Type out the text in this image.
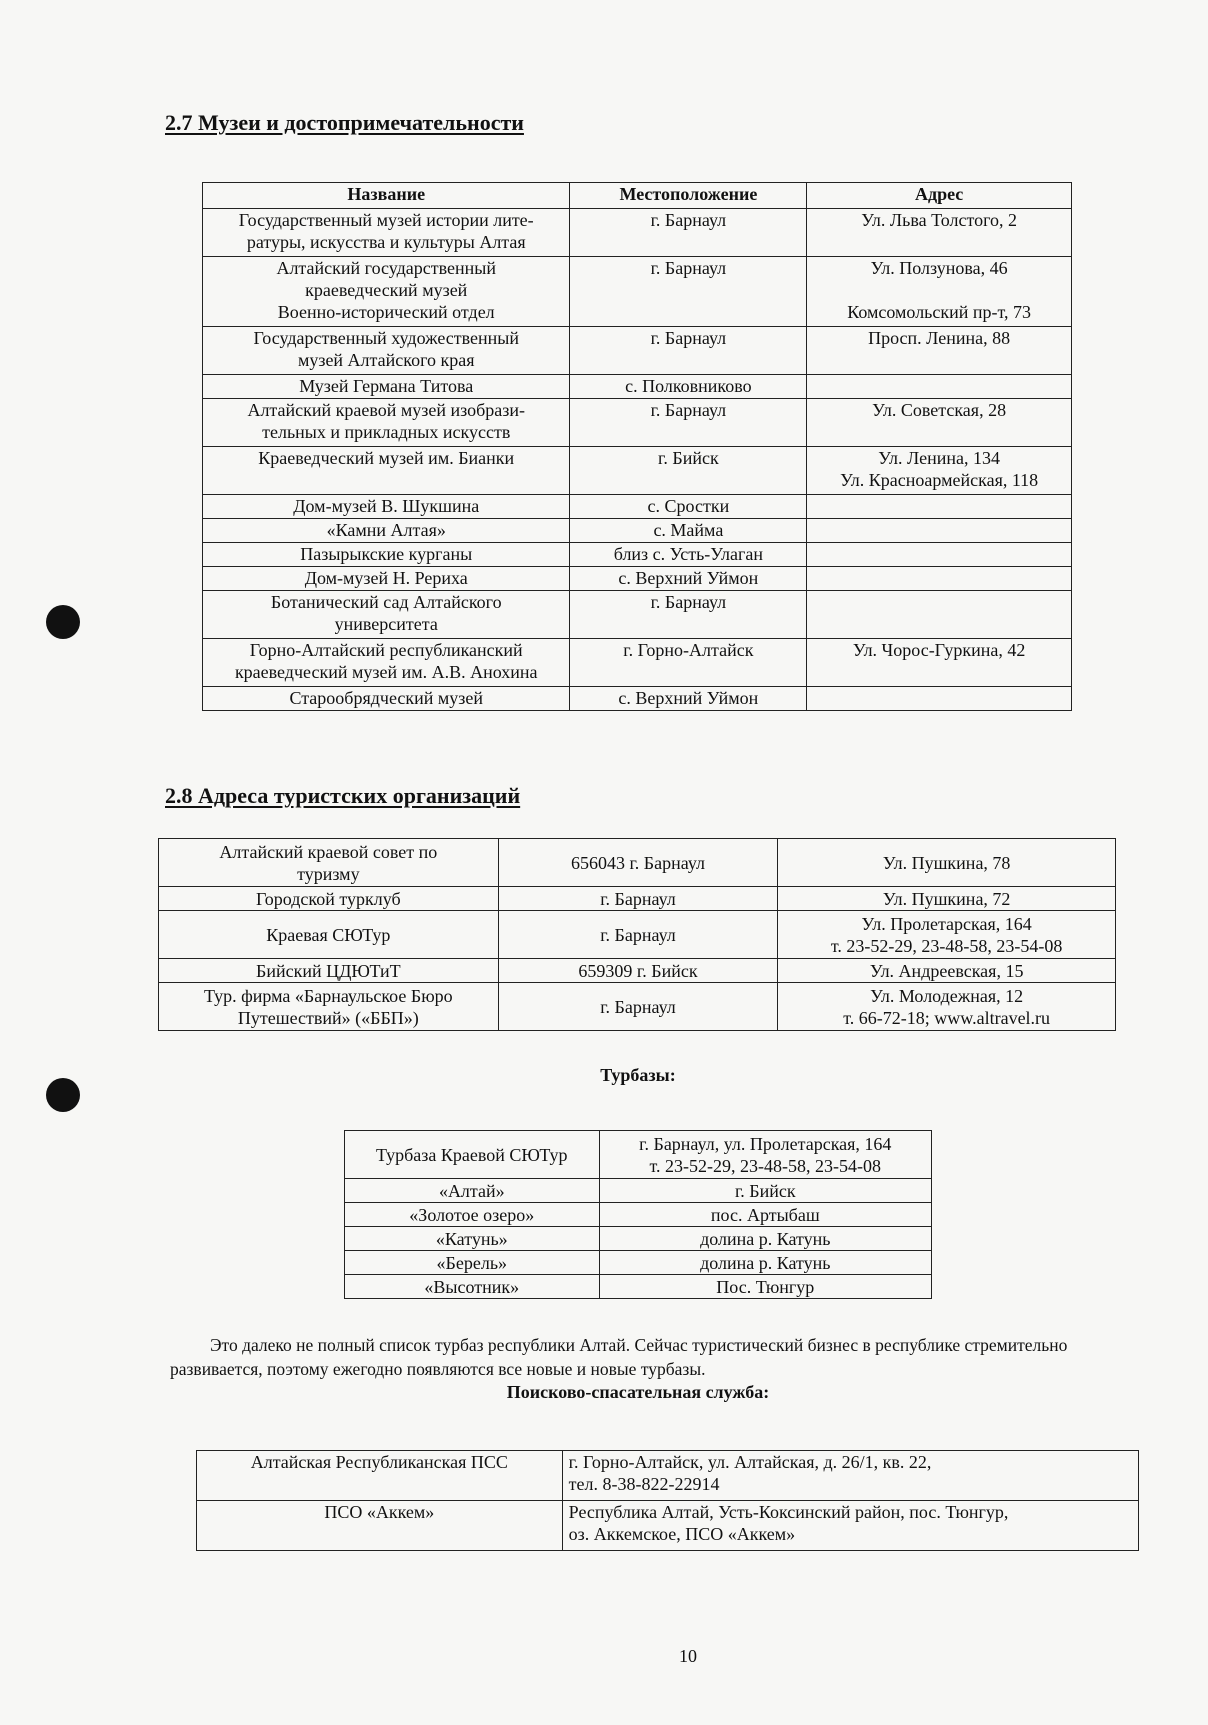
2.7 Музеи и достопримечательности
Название	Местоположение	Адрес
Государственный музей истории лите-
ратуры, искусства и культуры Алтая	г. Барнаул	Ул. Льва Толстого, 2
Алтайский государственный
краеведческий музей
Военно-исторический отдел	г. Барнаул	Ул. Ползунова, 46

Комсомольский пр-т, 73
Государственный художественный
музей Алтайского края	г. Барнаул	Просп. Ленина, 88
Музей Германа Титова	с. Полковниково	
Алтайский краевой музей изобрази-
тельных и прикладных искусств	г. Барнаул	Ул. Советская, 28
Краеведческий музей им. Бианки	г. Бийск	Ул. Ленина, 134
Ул. Красноармейская, 118
Дом-музей В. Шукшина	с. Сростки	
«Камни Алтая»	с. Майма	
Пазырыкские курганы	близ с. Усть-Улаган	
Дом-музей Н. Рериха	с. Верхний Уймон	
Ботанический сад Алтайского
университета	г. Барнаул	
Горно-Алтайский республиканский
краеведческий музей им. А.В. Анохина	г. Горно-Алтайск	Ул. Чорос-Гуркина, 42
Старообрядческий музей	с. Верхний Уймон	
2.8 Адреса туристских организаций
Алтайский краевой совет по
туризму	656043 г. Барнаул	Ул. Пушкина, 78
Городской турклуб	г. Барнаул	Ул. Пушкина, 72
Краевая СЮТур	г. Барнаул	Ул. Пролетарская, 164
т. 23-52-29, 23-48-58, 23-54-08
Бийский ЦДЮТиТ	659309 г. Бийск	Ул. Андреевская, 15
Тур. фирма «Барнаульское Бюро
Путешествий» («ББП»)	г. Барнаул	Ул. Молодежная, 12
т. 66-72-18; www.altravel.ru
Турбазы:
Турбаза Краевой СЮТур	г. Барнаул, ул. Пролетарская, 164
т. 23-52-29, 23-48-58, 23-54-08
«Алтай»	г. Бийск
«Золотое озеро»	пос. Артыбаш
«Катунь»	долина р. Катунь
«Берель»	долина р. Катунь
«Высотник»	Пос. Тюнгур
Это далеко не полный список турбаз республики Алтай. Сейчас туристический бизнес в республике стремительно развивается, поэтому ежегодно появляются все новые и новые турбазы.
Поисково-спасательная служба:
Алтайская Республиканская ПСС	г. Горно-Алтайск, ул. Алтайская, д. 26/1, кв. 22,
тел. 8-38-822-22914
ПСО «Аккем»	Республика Алтай, Усть-Коксинский район, пос. Тюнгур,
оз. Аккемское, ПСО «Аккем»
10
